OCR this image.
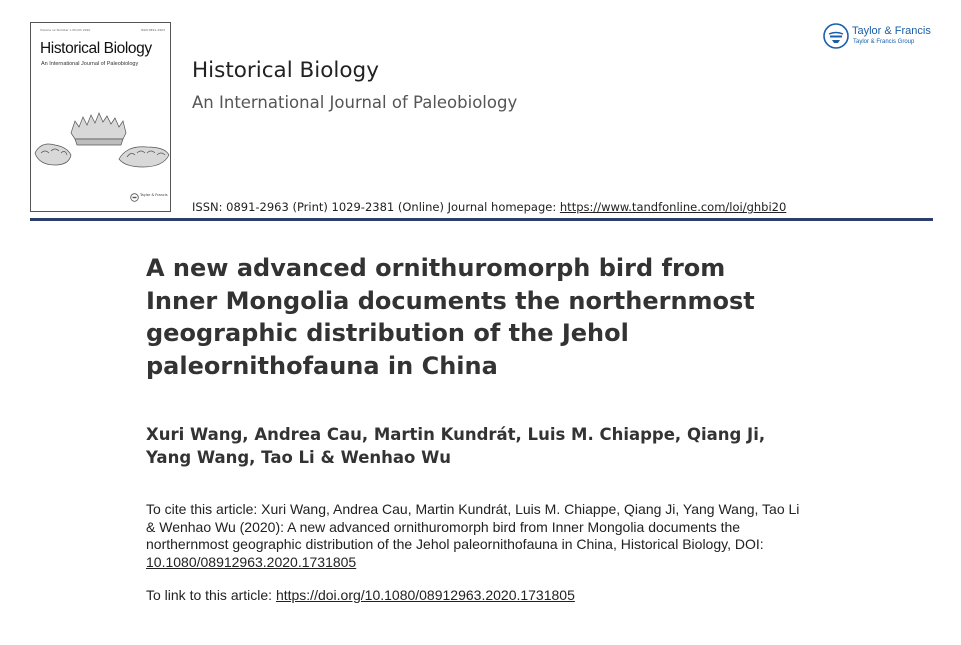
Volume xx Number x Month 2020	ISSN 0891-2963
Historical Biology
An International Journal of Paleobiology
Taylor & Francis
Historical Biology
An International Journal of Paleobiology
Taylor & Francis
Taylor & Francis Group
ISSN: 0891-2963 (Print) 1029-2381 (Online) Journal homepage: https://www.tandfonline.com/loi/ghbi20
A new advanced ornithuromorph bird from Inner Mongolia documents the northernmost geographic distribution of the Jehol paleornithofauna in China
Xuri Wang, Andrea Cau, Martin Kundrát, Luis M. Chiappe, Qiang Ji, Yang Wang, Tao Li & Wenhao Wu
To cite this article: Xuri Wang, Andrea Cau, Martin Kundrát, Luis M. Chiappe, Qiang Ji, Yang Wang, Tao Li & Wenhao Wu (2020): A new advanced ornithuromorph bird from Inner Mongolia documents the northernmost geographic distribution of the Jehol paleornithofauna in China, Historical Biology, DOI: 10.1080/08912963.2020.1731805
To link to this article: https://doi.org/10.1080/08912963.2020.1731805
